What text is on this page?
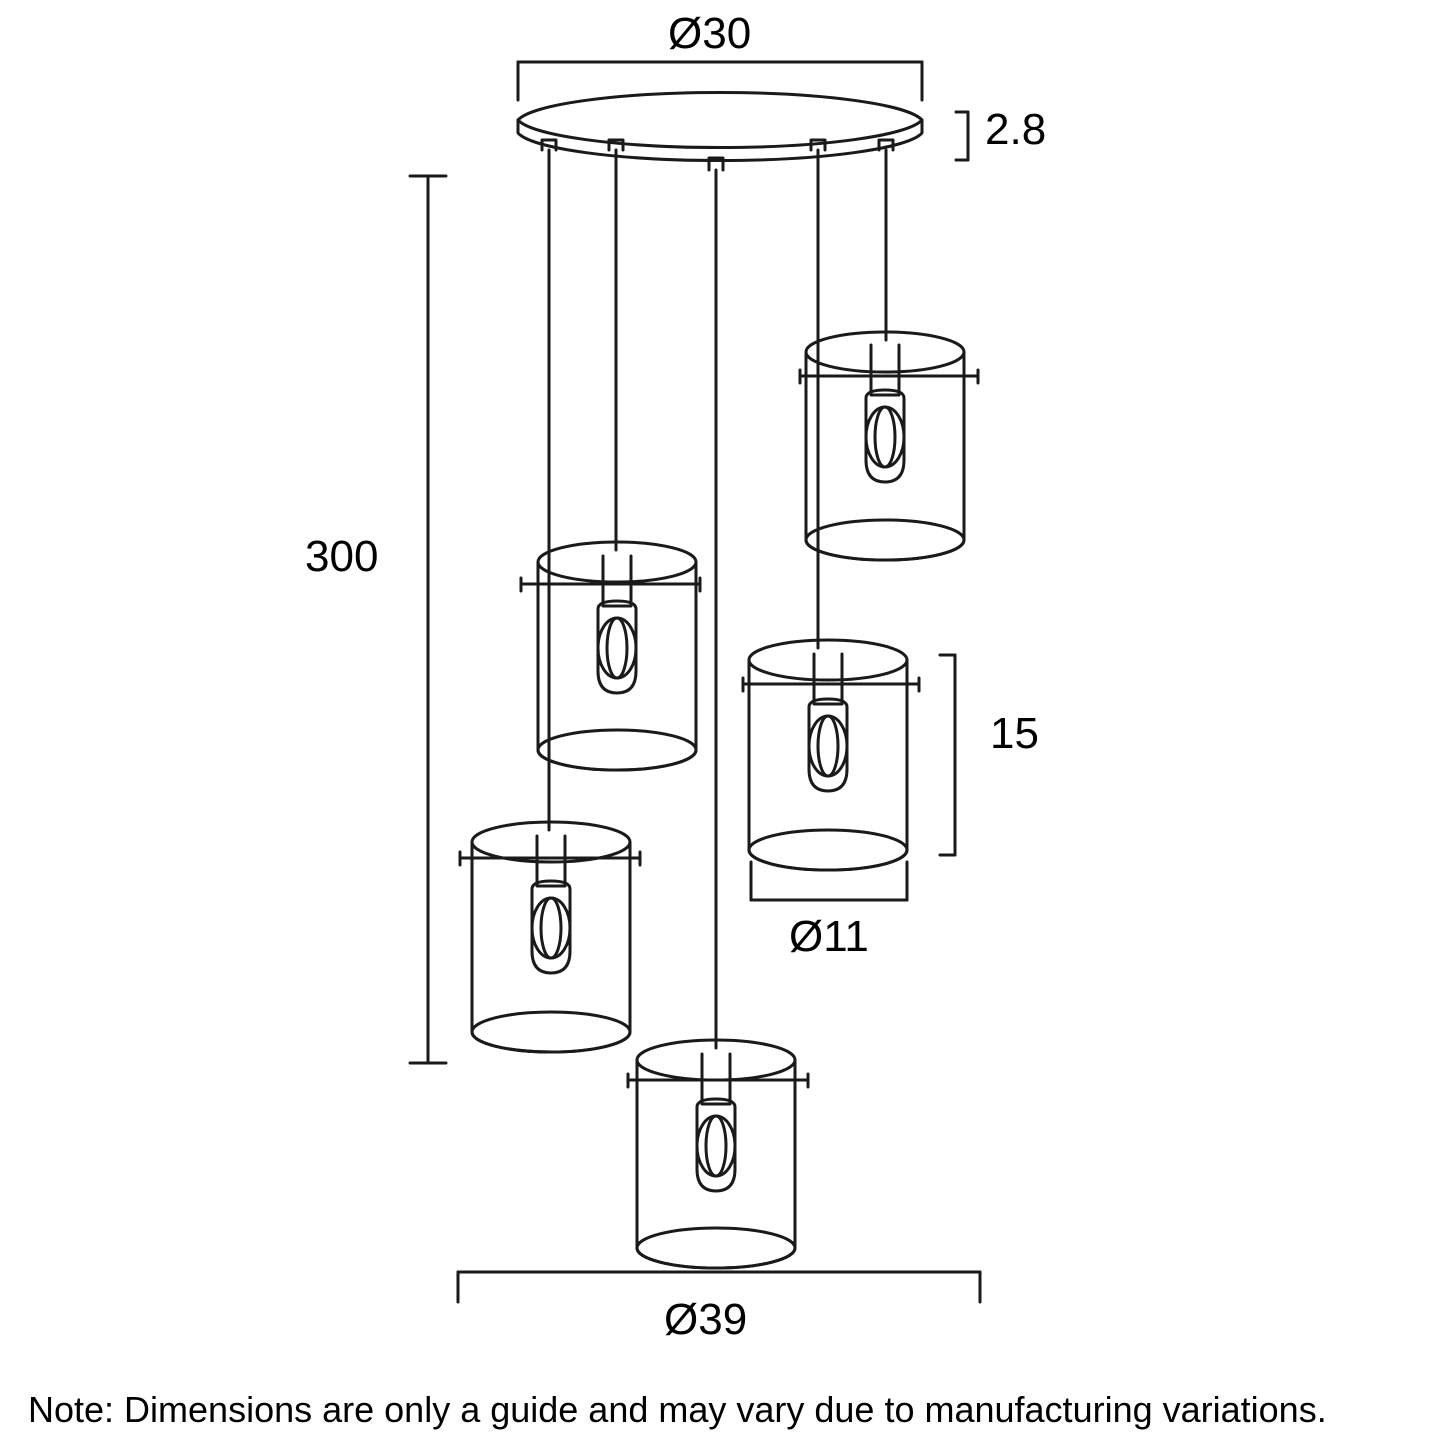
Ø30
2.8
300
15
Ø11
Ø39
Note: Dimensions are only a guide and may vary due to manufacturing variations.
